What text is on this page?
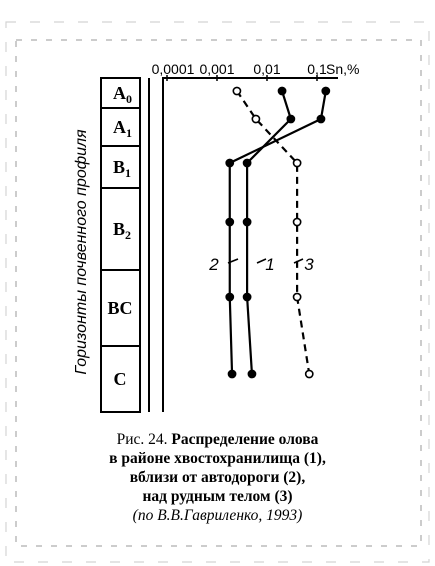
Горизонты почвенного профиля
$A_0$
$A_1$
$B_1$
$B_2$
BC
C
0,0001 0,001 0,01 0,1 Sn,%
1
2	3
Рис. 24. Распределение олова
в районе хвостохранилища (1),
вблизи от автодороги (2),
над рудным телом (3)
(по В.В.Гавриленко, 1993)
